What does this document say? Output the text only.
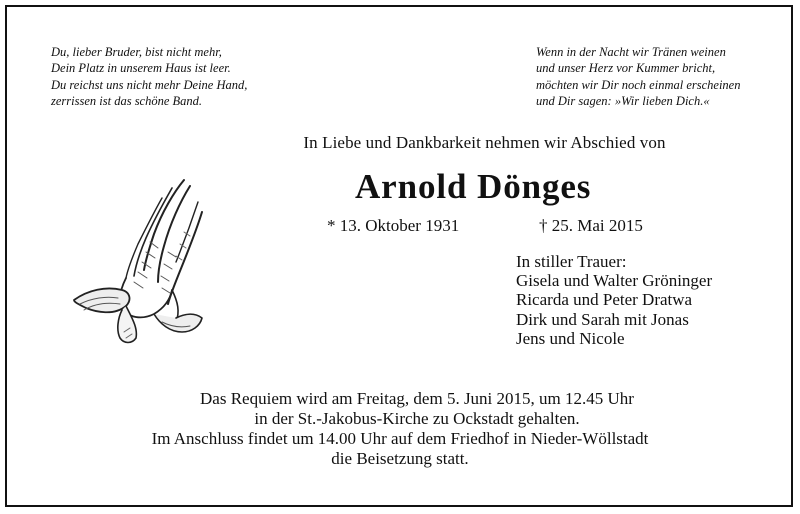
Du, lieber Bruder, bist nicht mehr,
Dein Platz in unserem Haus ist leer.
Du reichst uns nicht mehr Deine Hand,
zerrissen ist das schöne Band.
Wenn in der Nacht wir Tränen weinen
und unser Herz vor Kummer bricht,
möchten wir Dir noch einmal erscheinen
und Dir sagen: »Wir lieben Dich.«
In Liebe und Dankbarkeit nehmen wir Abschied von
Arnold Dönges
* 13. Oktober 1931	† 25. Mai 2015
In stiller Trauer:
Gisela und Walter Gröninger
Ricarda und Peter Dratwa
Dirk und Sarah mit Jonas
Jens und Nicole
Das Requiem wird am Freitag, dem 5. Juni 2015, um 12.45 Uhr
in der St.-Jakobus-Kirche zu Ockstadt gehalten.
Im Anschluss findet um 14.00 Uhr auf dem Friedhof in Nieder-Wöllstadt
die Beisetzung statt.
